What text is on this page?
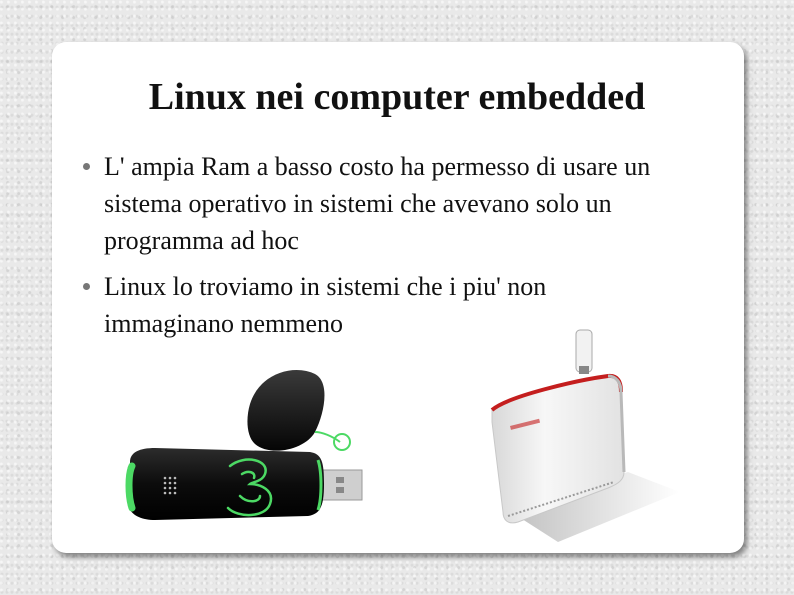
Linux nei computer embedded
L' ampia Ram a basso costo ha permesso di usare un sistema operativo in sistemi che avevano solo un programma ad hoc
Linux lo troviamo in sistemi che i piu' non immaginano nemmeno
